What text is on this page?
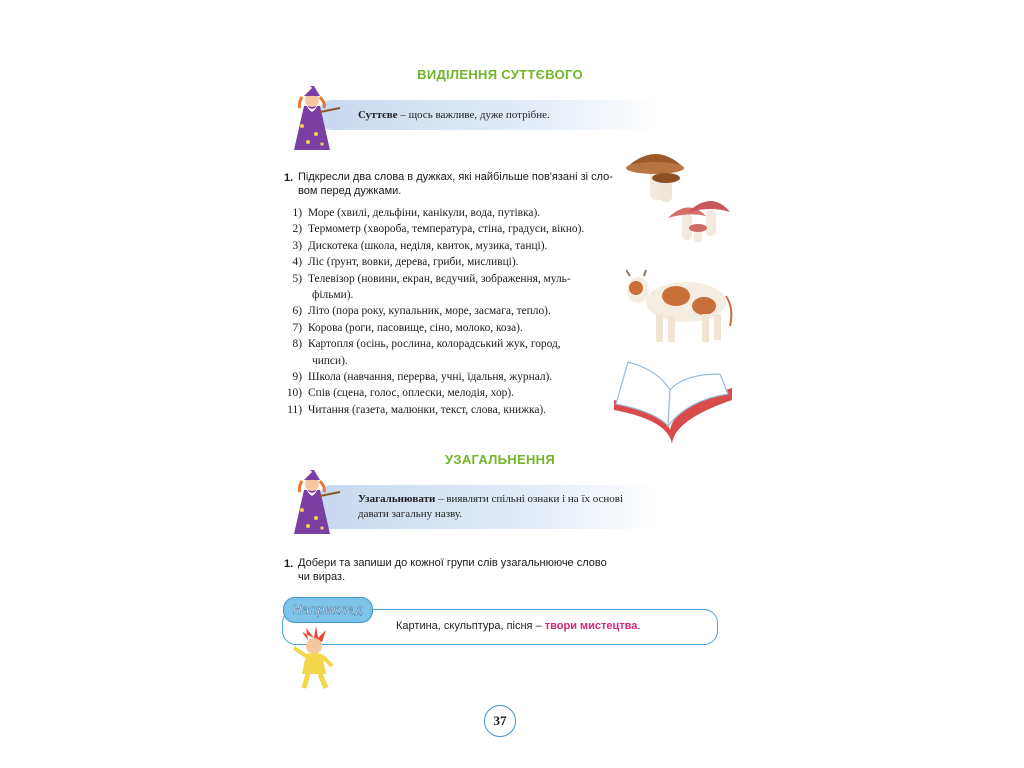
ВИДІЛЕННЯ СУТТЄВОГО
Суттєве – щось важливе, дуже потрібне.
1. Підкресли два слова в дужках, які найбільше пов'язані зі сло-
вом перед дужками.
1) Море (хвилі, дельфіни, канікули, вода, путівка).
2) Термометр (хвороба, температура, стіна, градуси, вікно).
3) Дискотека (школа, неділя, квиток, музика, танці).
4) Ліс (ґрунт, вовки, дерева, гриби, мисливці).
5) Телевізор (новини, екран, вєдучий, зображення, муль-
фільми).
6) Літо (пора року, купальник, море, засмага, тепло).
7) Корова (роги, пасовище, сіно, молоко, коза).
8) Картопля (осінь, рослина, колорадський жук, город,
чипси).
9) Школа (навчання, перерва, учні, їдальня, журнал).
10) Спів (сцена, голос, оплески, мелодія, хор).
11) Читання (газета, малюнки, текст, слова, книжка).
УЗАГАЛЬНЕННЯ
Узагальнювати – виявляти спільні ознаки і на їх основі
давати загальну назву.
1. Добери та запиши до кожної групи слів узагальнююче слово
чи вираз.
Наприклад
Картина, скульптура, пісня – твори мистецтва.
37
